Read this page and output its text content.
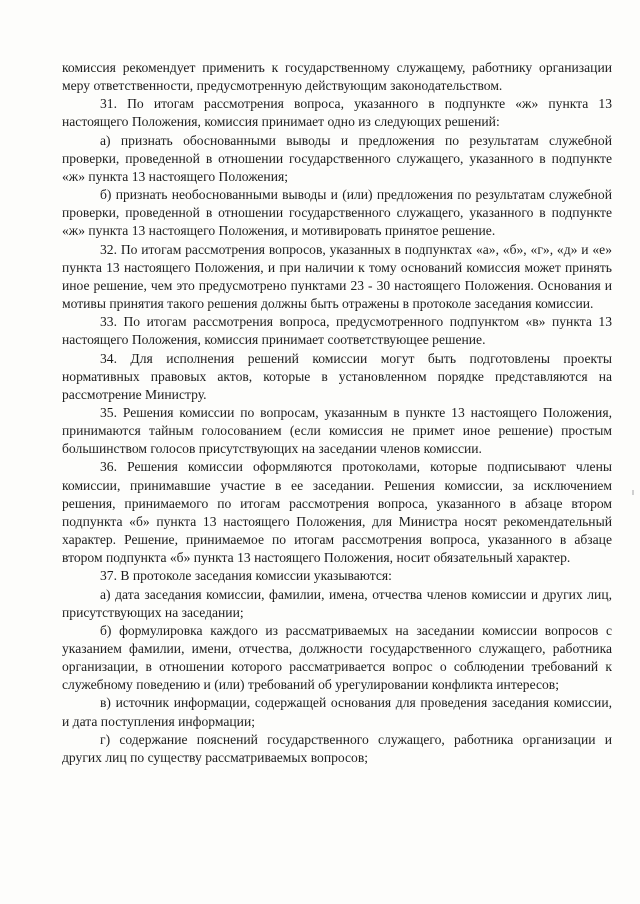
комиссия рекомендует применить к государственному служащему, работнику организации меру ответственности, предусмотренную действующим законодательством.

31. По итогам рассмотрения вопроса, указанного в подпункте «ж» пункта 13 настоящего Положения, комиссия принимает одно из следующих решений:

а) признать обоснованными выводы и предложения по результатам служебной проверки, проведенной в отношении государственного служащего, указанного в подпункте «ж» пункта 13 настоящего Положения;

б) признать необоснованными выводы и (или) предложения по результатам служебной проверки, проведенной в отношении государственного служащего, указанного в подпункте «ж» пункта 13 настоящего Положения, и мотивировать принятое решение.

32. По итогам рассмотрения вопросов, указанных в подпунктах «а», «б», «г», «д» и «е» пункта 13 настоящего Положения, и при наличии к тому оснований комиссия может принять иное решение, чем это предусмотрено пунктами 23 - 30 настоящего Положения. Основания и мотивы принятия такого решения должны быть отражены в протоколе заседания комиссии.

33. По итогам рассмотрения вопроса, предусмотренного подпунктом «в» пункта 13 настоящего Положения, комиссия принимает соответствующее решение.

34. Для исполнения решений комиссии могут быть подготовлены проекты нормативных правовых актов, которые в установленном порядке представляются на рассмотрение Министру.

35. Решения комиссии по вопросам, указанным в пункте 13 настоящего Положения, принимаются тайным голосованием (если комиссия не примет иное решение) простым большинством голосов присутствующих на заседании членов комиссии.

36. Решения комиссии оформляются протоколами, которые подписывают члены комиссии, принимавшие участие в ее заседании. Решения комиссии, за исключением решения, принимаемого по итогам рассмотрения вопроса, указанного в абзаце втором подпункта «б» пункта 13 настоящего Положения, для Министра носят рекомендательный характер. Решение, принимаемое по итогам рассмотрения вопроса, указанного в абзаце втором подпункта «б» пункта 13 настоящего Положения, носит обязательный характер.

37. В протоколе заседания комиссии указываются:

а) дата заседания комиссии, фамилии, имена, отчества членов комиссии и других лиц, присутствующих на заседании;

б) формулировка каждого из рассматриваемых на заседании комиссии вопросов с указанием фамилии, имени, отчества, должности государственного служащего, работника организации, в отношении которого рассматривается вопрос о соблюдении требований к служебному поведению и (или) требований об урегулировании конфликта интересов;

в) источник информации, содержащей основания для проведения заседания комиссии, и дата поступления информации;

г) содержание пояснений государственного служащего, работника организации и других лиц по существу рассматриваемых вопросов;
